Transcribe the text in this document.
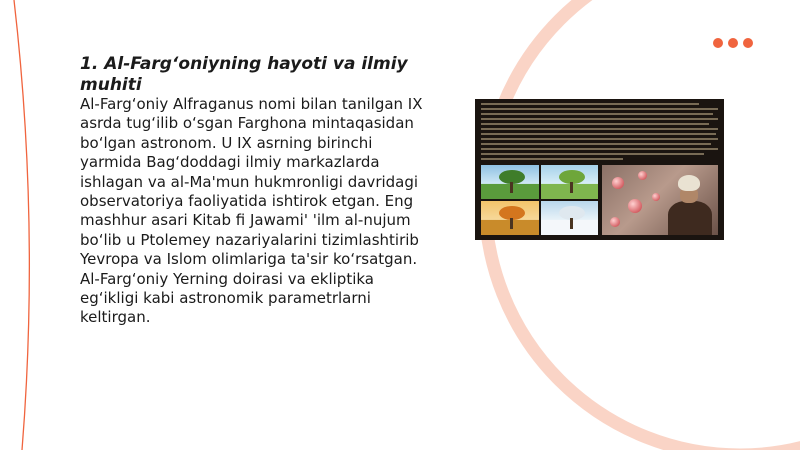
1. Al-Farg‘oniyning hayoti va ilmiy muhiti

Al-Farg‘oniy Alfraganus nomi bilan tanilgan IX asrda tug‘ilib o‘sgan Farghona mintaqasidan bo‘lgan astronom. U IX asrning birinchi yarmida Bag‘doddagi ilmiy markazlarda ishlagan va al-Ma'mun hukmronligi davridagi observatoriya faoliyatida ishtirok etgan. Eng mashhur asari Kitab fi Jawami' 'ilm al-nujum bo‘lib u Ptolemey nazariyalarini tizimlashtirib Yevropa va Islom olimlariga ta'sir ko‘rsatgan. Al-Farg‘oniy Yerning doirasi va ekliptika eg‘ikligi kabi astronomik parametrlarni keltirgan.
